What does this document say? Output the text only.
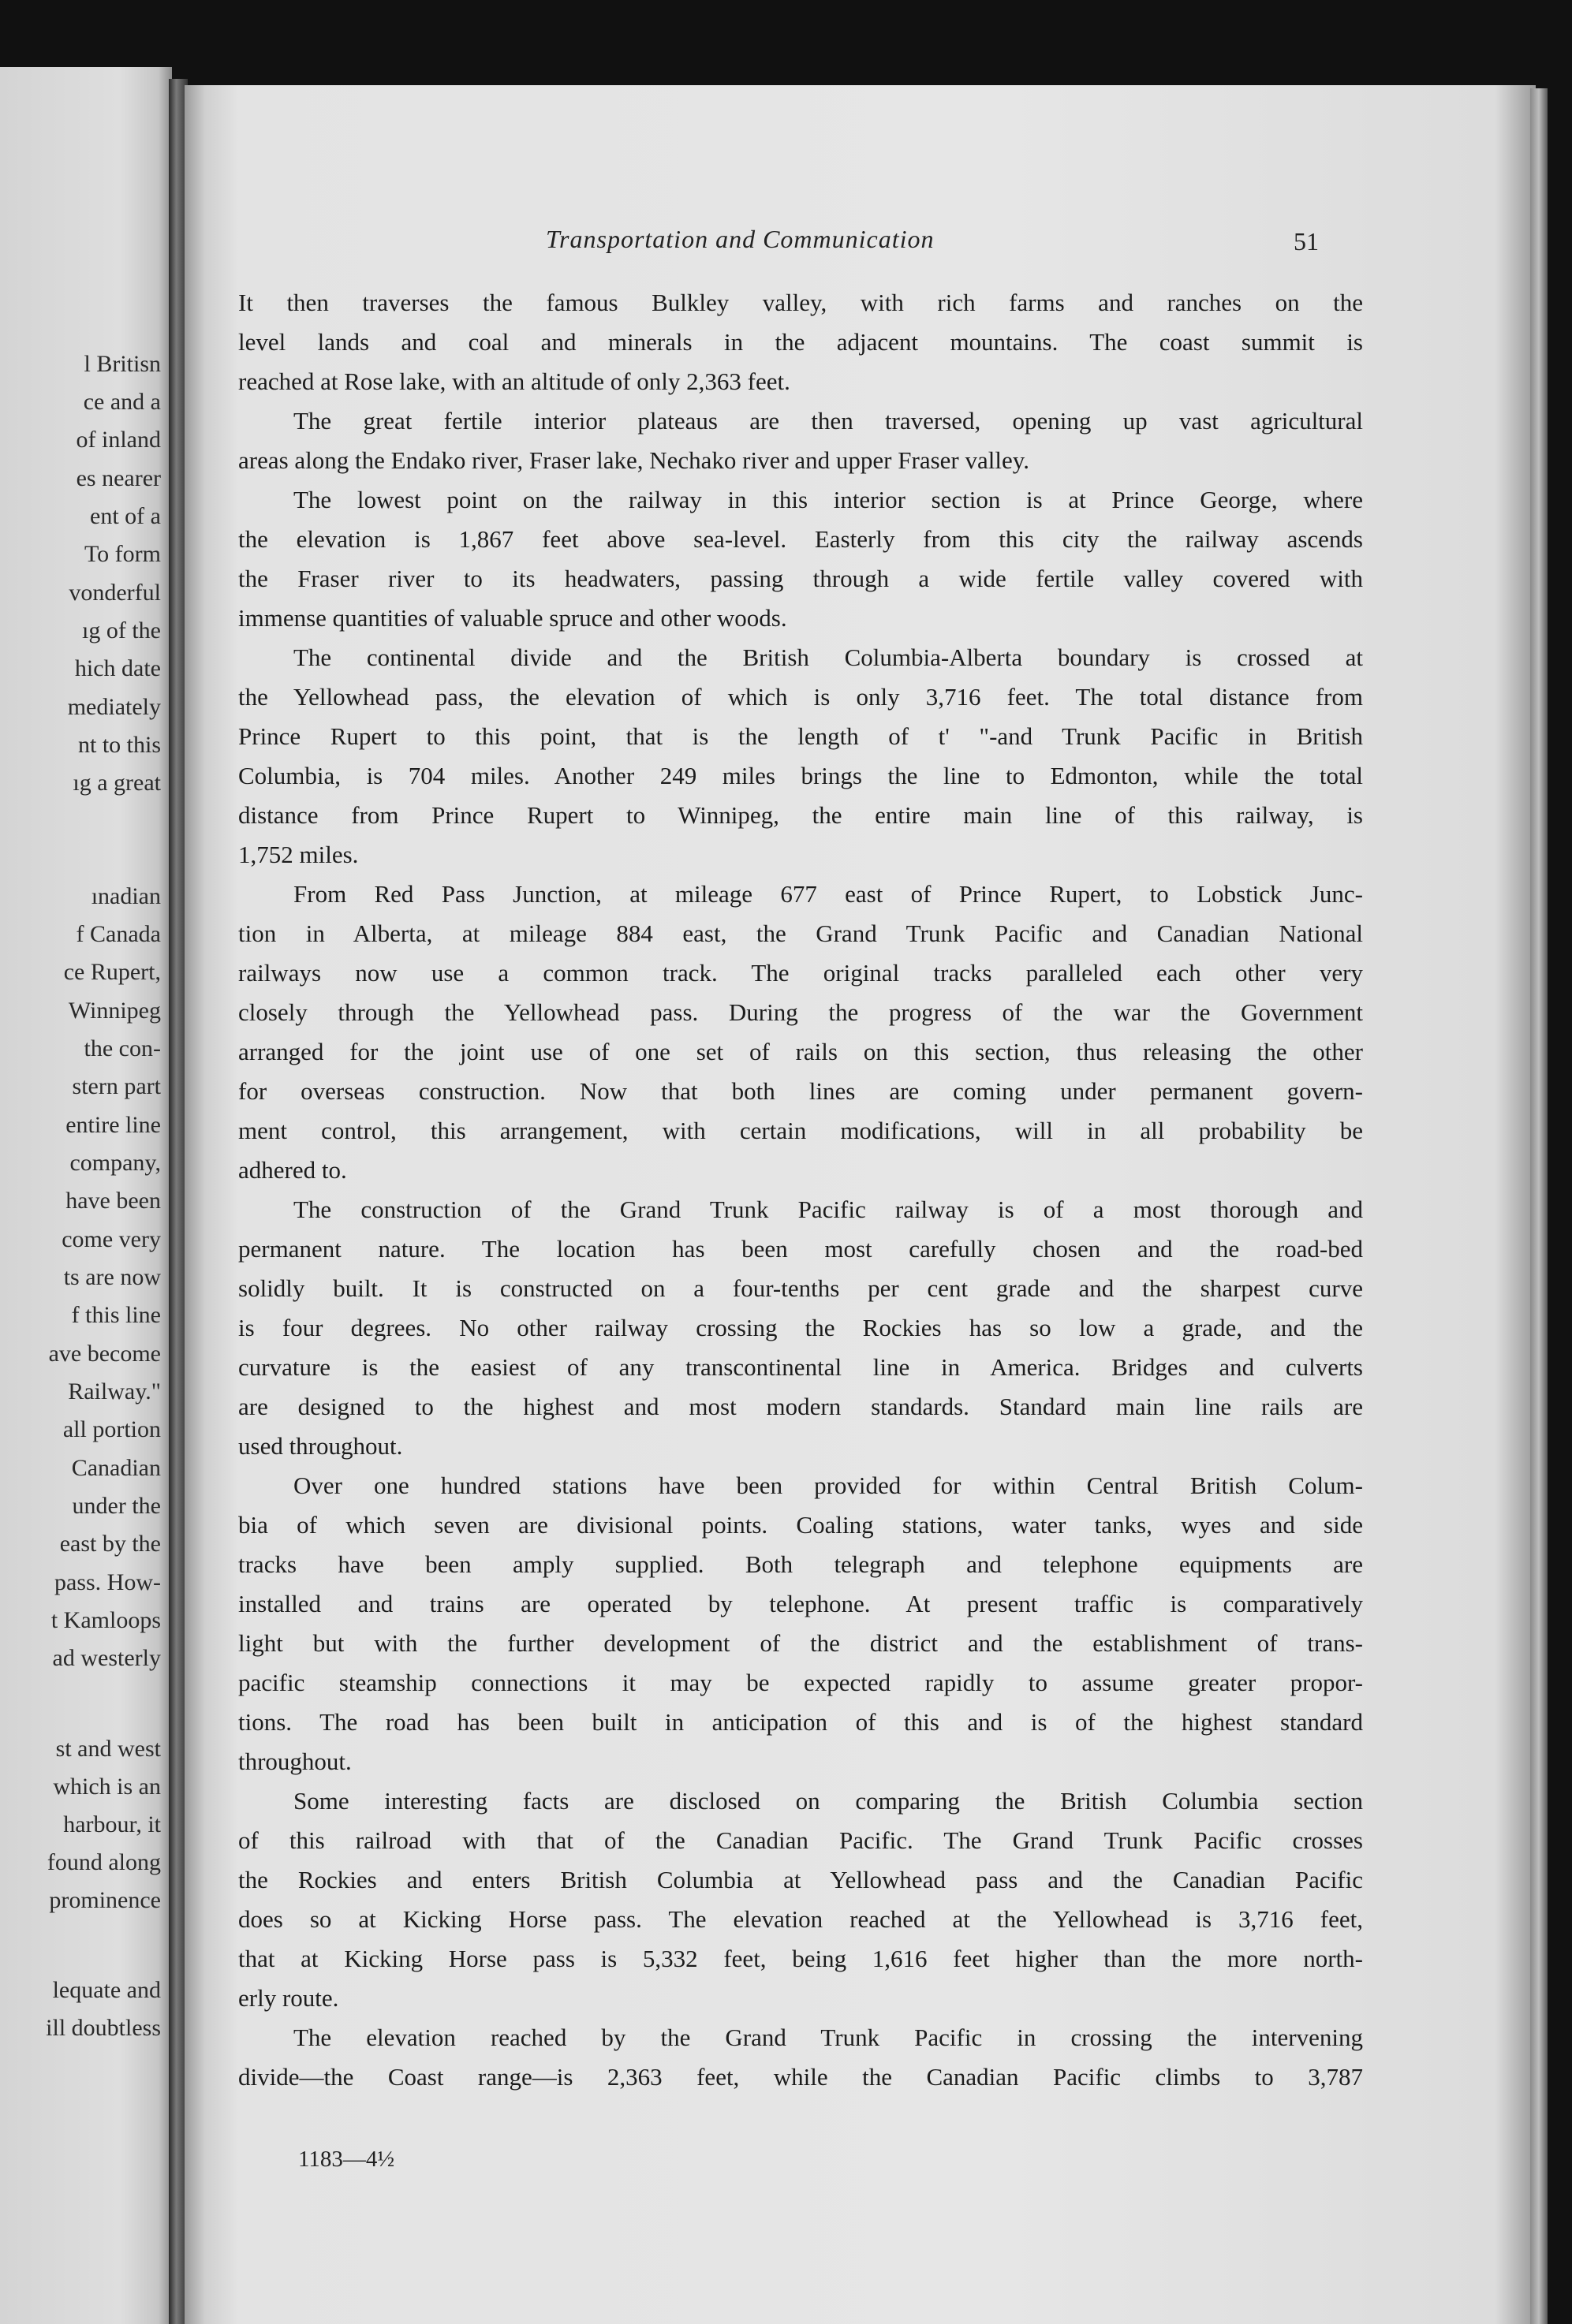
l Britisn
ce and a
of inland
es nearer
ent of a
To form
vonderful
ıg of the
hich date
mediately
nt to this
ıg a great
ınadian
f Canada
ce Rupert,
Winnipeg
the con-
stern part
entire line
company,
have been
come very
ts are now
f this line
ave become
Railway."
all portion
Canadian
under the
east by the
pass. How-
t Kamloops
ad westerly
st and west
which is an
harbour, it
found along
prominence
lequate and
ill doubtless
Transportation and Communication	51
It then traverses the famous Bulkley valley, with rich farms and ranches on the
level lands and coal and minerals in the adjacent mountains. The coast summit is
reached at Rose lake, with an altitude of only 2,363 feet.
The great fertile interior plateaus are then traversed, opening up vast agricultural
areas along the Endako river, Fraser lake, Nechako river and upper Fraser valley.
The lowest point on the railway in this interior section is at Prince George, where
the elevation is 1,867 feet above sea-level. Easterly from this city the railway ascends
the Fraser river to its headwaters, passing through a wide fertile valley covered with
immense quantities of valuable spruce and other woods.
The continental divide and the British Columbia-Alberta boundary is crossed at
the Yellowhead pass, the elevation of which is only 3,716 feet. The total distance from
Prince Rupert to this point, that is the length of t' "-and Trunk Pacific in British
Columbia, is 704 miles. Another 249 miles brings the line to Edmonton, while the total
distance from Prince Rupert to Winnipeg, the entire main line of this railway, is
1,752 miles.
From Red Pass Junction, at mileage 677 east of Prince Rupert, to Lobstick Junc-
tion in Alberta, at mileage 884 east, the Grand Trunk Pacific and Canadian National
railways now use a common track. The original tracks paralleled each other very
closely through the Yellowhead pass. During the progress of the war the Government
arranged for the joint use of one set of rails on this section, thus releasing the other
for overseas construction. Now that both lines are coming under permanent govern-
ment control, this arrangement, with certain modifications, will in all probability be
adhered to.
The construction of the Grand Trunk Pacific railway is of a most thorough and
permanent nature. The location has been most carefully chosen and the road-bed
solidly built. It is constructed on a four-tenths per cent grade and the sharpest curve
is four degrees. No other railway crossing the Rockies has so low a grade, and the
curvature is the easiest of any transcontinental line in America. Bridges and culverts
are designed to the highest and most modern standards. Standard main line rails are
used throughout.
Over one hundred stations have been provided for within Central British Colum-
bia of which seven are divisional points. Coaling stations, water tanks, wyes and side
tracks have been amply supplied. Both telegraph and telephone equipments are
installed and trains are operated by telephone. At present traffic is comparatively
light but with the further development of the district and the establishment of trans-
pacific steamship connections it may be expected rapidly to assume greater propor-
tions. The road has been built in anticipation of this and is of the highest standard
throughout.
Some interesting facts are disclosed on comparing the British Columbia section
of this railroad with that of the Canadian Pacific. The Grand Trunk Pacific crosses
the Rockies and enters British Columbia at Yellowhead pass and the Canadian Pacific
does so at Kicking Horse pass. The elevation reached at the Yellowhead is 3,716 feet,
that at Kicking Horse pass is 5,332 feet, being 1,616 feet higher than the more north-
erly route.
The elevation reached by the Grand Trunk Pacific in crossing the intervening
divide—the Coast range—is 2,363 feet, while the Canadian Pacific climbs to 3,787
1183—4½
